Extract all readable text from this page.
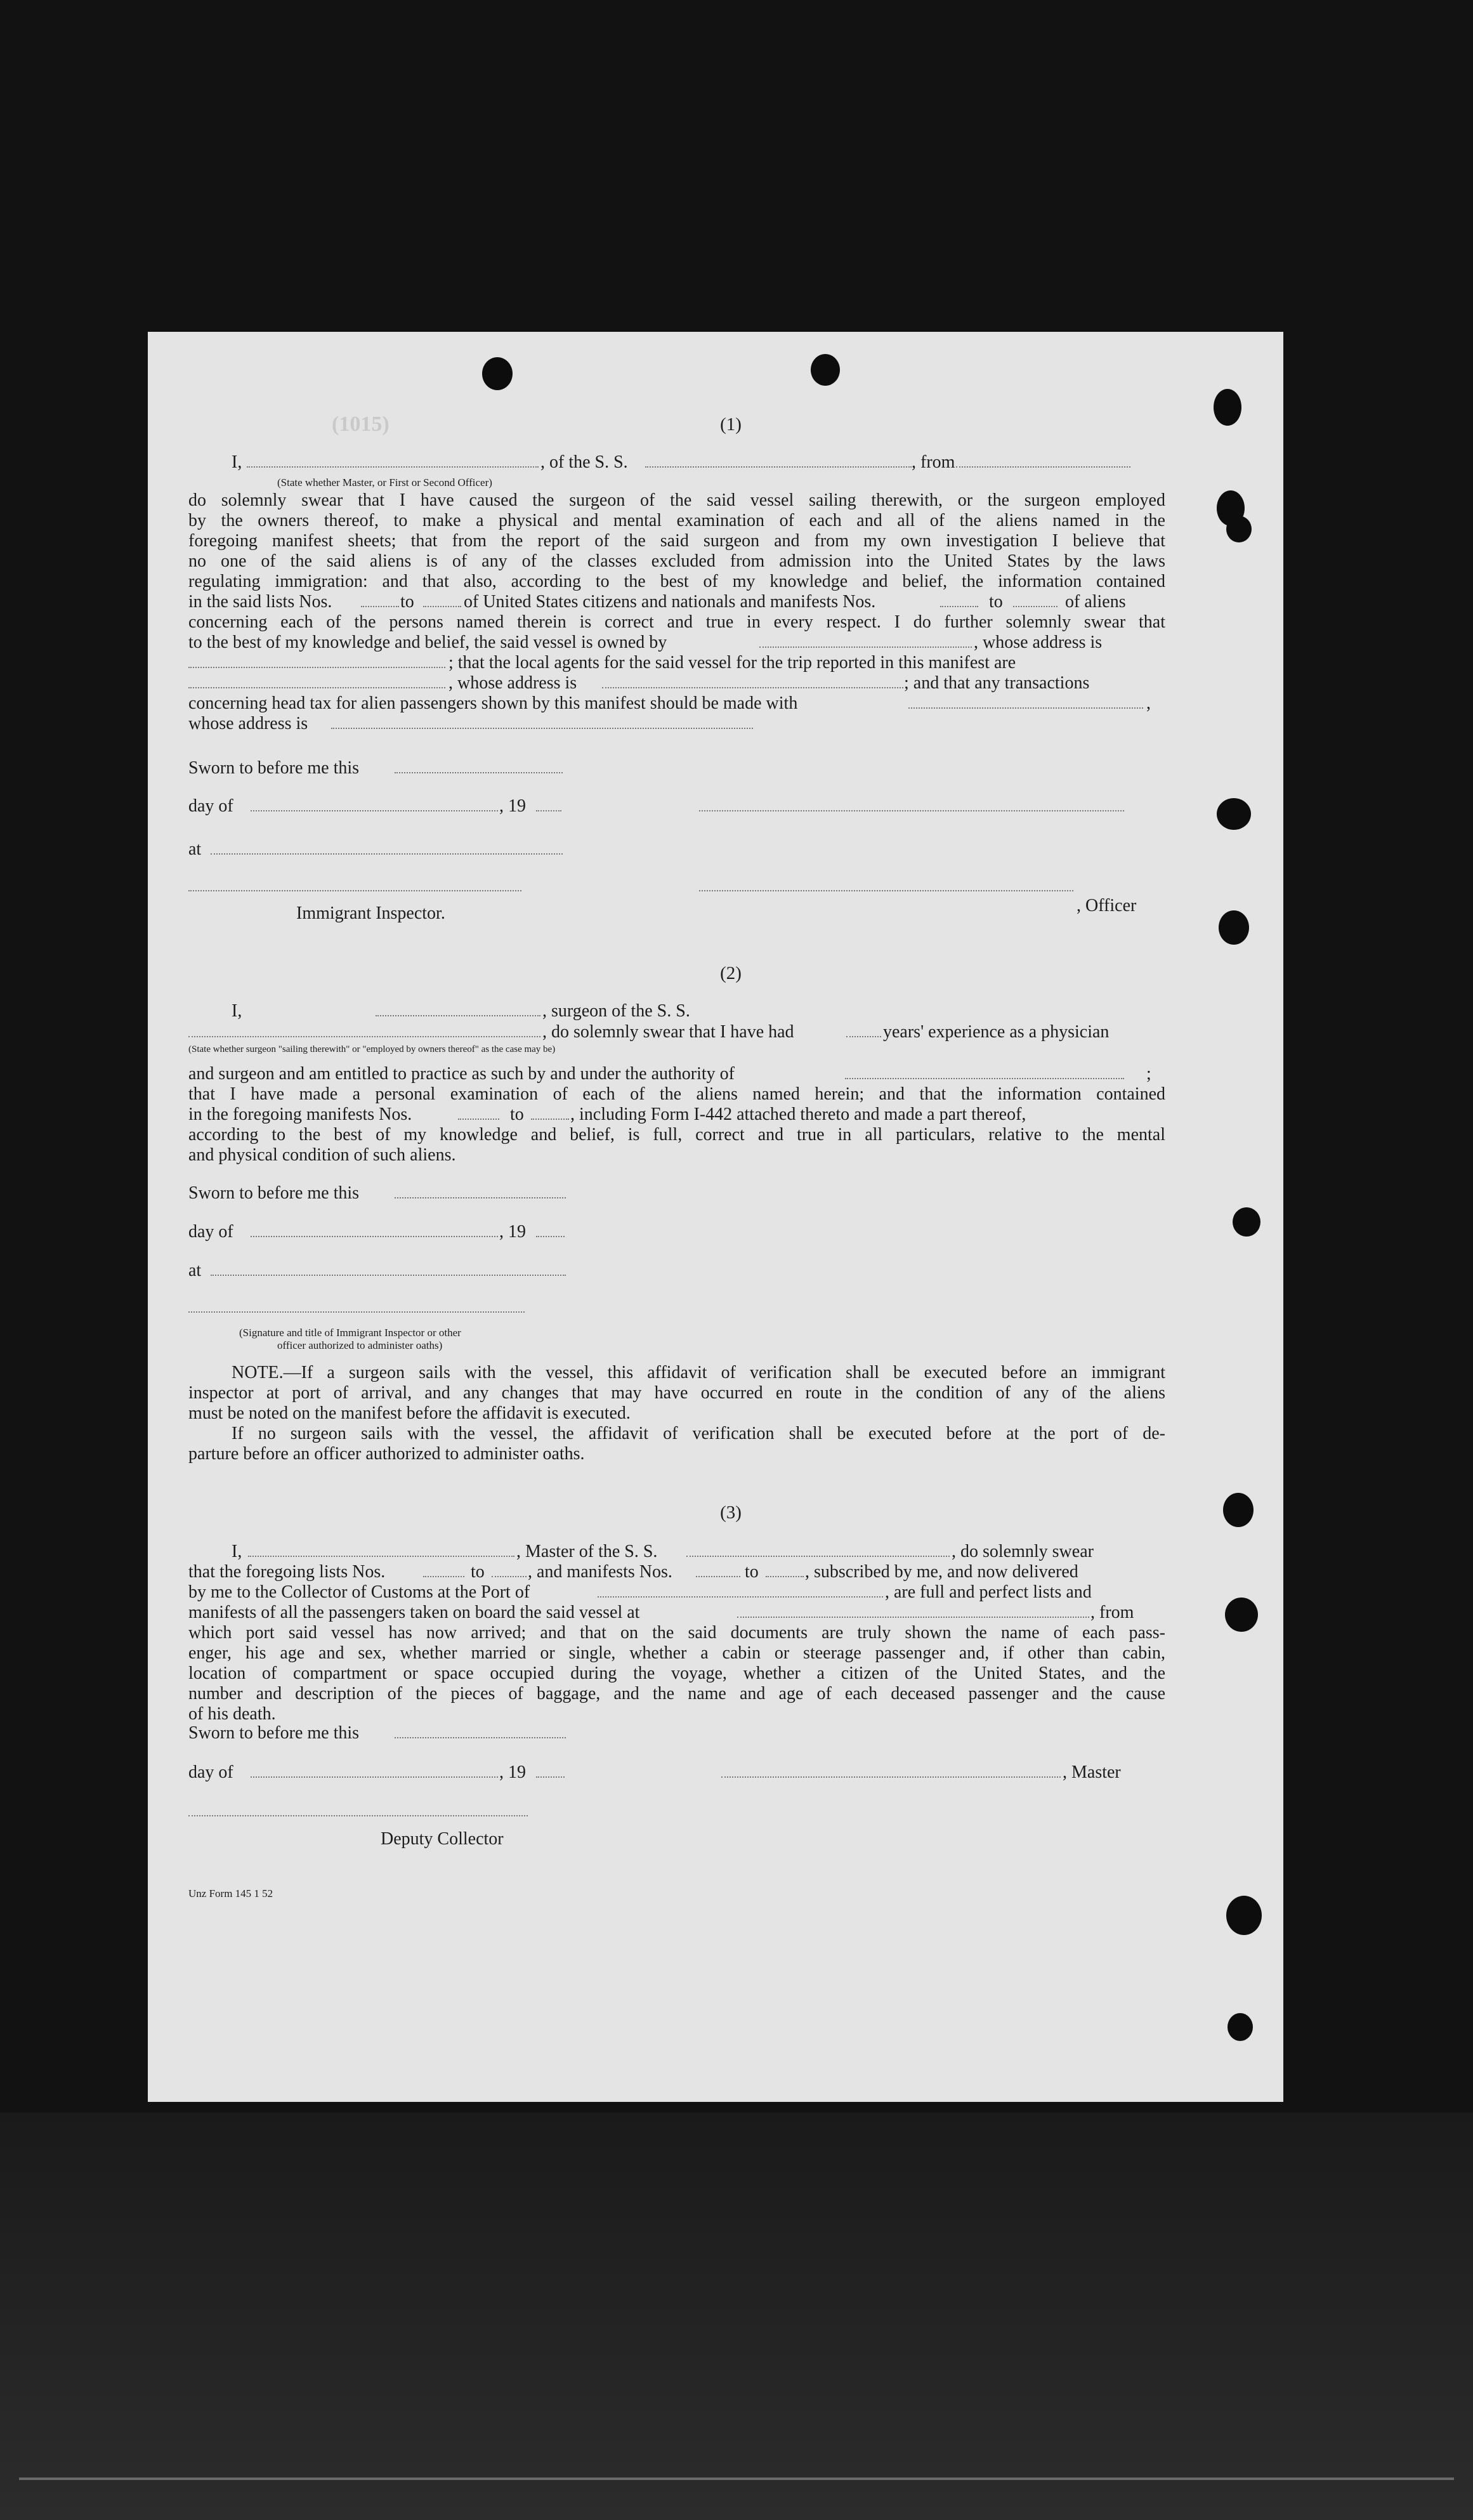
(1015)	(1)
I,	, of the S. S.	, from
(State whether Master, or First or Second Officer)
do solemnly swear that I have caused the surgeon of the said vessel sailing therewith, or the surgeon employed
by the owners thereof, to make a physical and mental examination of each and all of the aliens named in the
foregoing manifest sheets; that from the report of the said surgeon and from my own investigation I believe that
no one of the said aliens is of any of the classes excluded from admission into the United States by the laws
regulating immigration: and that also, according to the best of my knowledge and belief, the information contained
in the said lists Nos.	to	of United States citizens and nationals and manifests Nos.	to	of aliens
concerning each of the persons named therein is correct and true in every respect. I do further solemnly swear that
to the best of my knowledge and belief, the said vessel is owned by	, whose address is
; that the local agents for the said vessel for the trip reported in this manifest are
, whose address is	; and that any transactions
concerning head tax for alien passengers shown by this manifest should be made with	,
whose address is
Sworn to before me this
day of	, 19
at
Immigrant Inspector.	, Officer
(2)
I,	, surgeon of the S. S.
, do solemnly swear that I have had	years' experience as a physician
(State whether surgeon "sailing therewith" or "employed by owners thereof" as the case may be)
and surgeon and am entitled to practice as such by and under the authority of	;
that I have made a personal examination of each of the aliens named herein; and that the information contained
in the foregoing manifests Nos.	to	, including Form I-442 attached thereto and made a part thereof,
according to the best of my knowledge and belief, is full, correct and true in all particulars, relative to the mental
and physical condition of such aliens.
Sworn to before me this
day of	, 19
at
(Signature and title of Immigrant Inspector or other
officer authorized to administer oaths)
NOTE.—If a surgeon sails with the vessel, this affidavit of verification shall be executed before an immigrant
inspector at port of arrival, and any changes that may have occurred en route in the condition of any of the aliens
must be noted on the manifest before the affidavit is executed.
If no surgeon sails with the vessel, the affidavit of verification shall be executed before at the port of de-
parture before an officer authorized to administer oaths.
(3)
I,	, Master of the S. S.	, do solemnly swear
that the foregoing lists Nos.	to , and manifests Nos.	to	, subscribed by me, and now delivered
by me to the Collector of Customs at the Port of	, are full and perfect lists and
manifests of all the passengers taken on board the said vessel at	, from
which port said vessel has now arrived; and that on the said documents are truly shown the name of each pass-
enger, his age and sex, whether married or single, whether a cabin or steerage passenger and, if other than cabin,
location of compartment or space occupied during the voyage, whether a citizen of the United States, and the
number and description of the pieces of baggage, and the name and age of each deceased passenger and the cause
of his death.
Sworn to before me this
day of	, 19	, Master
Deputy Collector
Unz Form 145 1 52
